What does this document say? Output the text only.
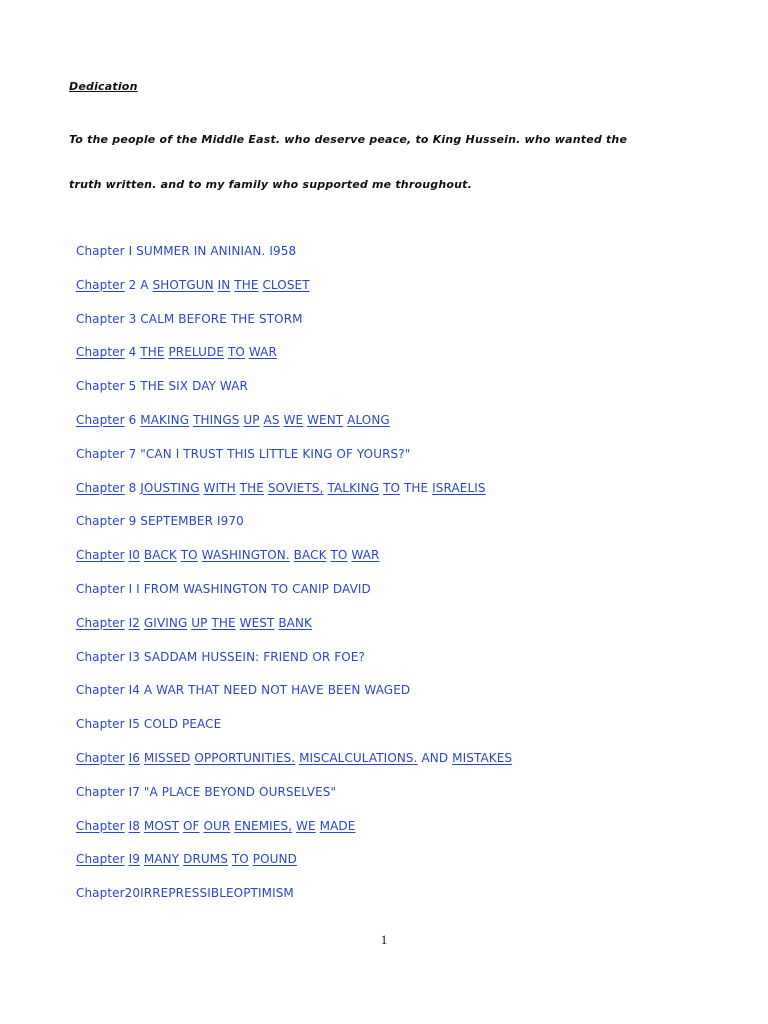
Dedication
To the people of the Middle East. who deserve peace, to King Hussein. who wanted the
truth written. and to my family who supported me throughout.
Chapter I SUMMER IN ANINIAN. I958
Chapter 2 A SHOTGUN IN THE CLOSET
Chapter 3 CALM BEFORE THE STORM
Chapter 4 THE PRELUDE TO WAR
Chapter 5 THE SIX DAY WAR
Chapter 6 MAKING THINGS UP AS WE WENT ALONG
Chapter 7 "CAN I TRUST THIS LITTLE KING OF YOURS?"
Chapter 8 JOUSTING WITH THE SOVIETS, TALKING TO THE ISRAELIS
Chapter 9 SEPTEMBER I970
Chapter I0 BACK TO WASHINGTON. BACK TO WAR
Chapter I I FROM WASHINGTON TO CANIP DAVID
Chapter I2 GIVING UP THE WEST BANK
Chapter I3 SADDAM HUSSEIN: FRIEND OR FOE?
Chapter I4 A WAR THAT NEED NOT HAVE BEEN WAGED
Chapter I5 COLD PEACE
Chapter I6 MISSED OPPORTUNITIES. MISCALCULATIONS. AND MISTAKES
Chapter I7 "A PLACE BEYOND OURSELVES"
Chapter I8 MOST OF OUR ENEMIES, WE MADE
Chapter I9 MANY DRUMS TO POUND
Chapter20IRREPRESSIBLEOPTIMISM
1
